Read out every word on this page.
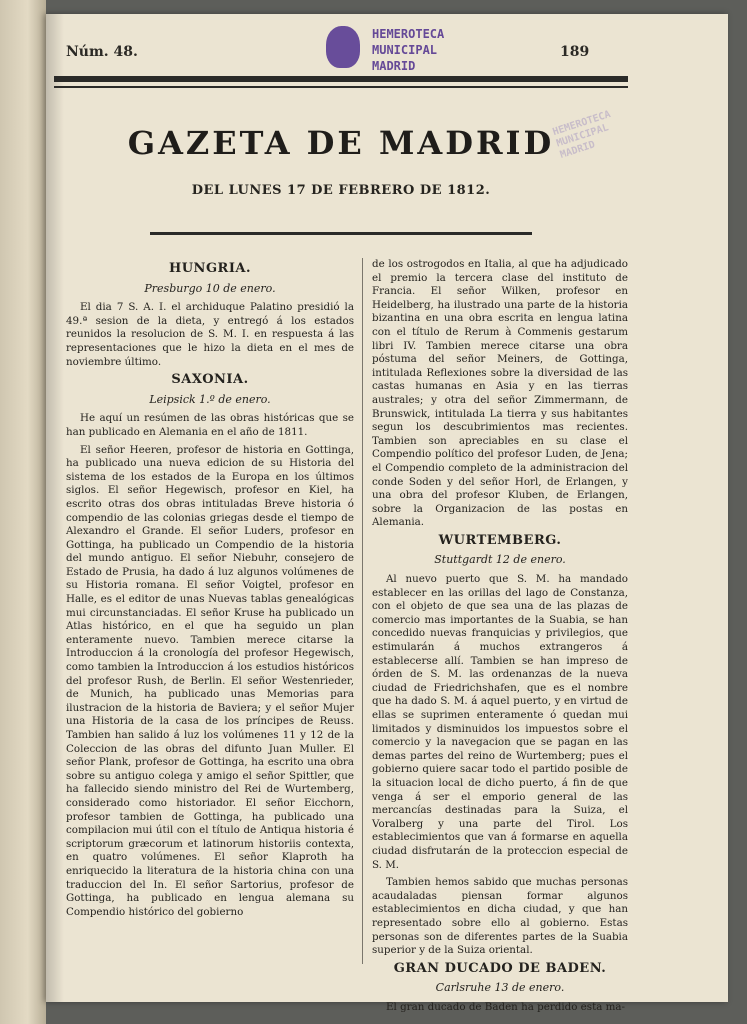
Núm. 48.	189
HEMEROTECA
MUNICIPAL
MADRID
HEMEROTECA MUNICIPAL MADRID
GAZETA DE MADRID
DEL LUNES 17 DE FEBRERO DE 1812.
HUNGRIA.
Presburgo 10 de enero.

El dia 7 S. A. I. el archiduque Palatino presidió la 49.ª sesion de la dieta, y entregó á los estados reunidos la resolucion de S. M. I. en respuesta á las representaciones que le hizo la dieta en el mes de noviembre último.

SAXONIA.
Leipsick 1.º de enero.

He aquí un resúmen de las obras históricas que se han publicado en Alemania en el año de 1811.

El señor Heeren, profesor de historia en Gottinga, ha publicado una nueva edicion de su Historia del sistema de los estados de la Europa en los últimos siglos. El señor Hegewisch, profesor en Kiel, ha escrito otras dos obras intituladas Breve historia ó compendio de las colonias griegas desde el tiempo de Alexandro el Grande. El señor Luders, profesor en Gottinga, ha publicado un Compendio de la historia del mundo antiguo. El señor Niebuhr, consejero de Estado de Prusia, ha dado á luz algunos volúmenes de su Historia romana. El señor Voigtel, profesor en Halle, es el editor de unas Nuevas tablas genealógicas mui circunstanciadas. El señor Kruse ha publicado un Atlas histórico, en el que ha seguido un plan enteramente nuevo. Tambien merece citarse la Introduccion á la cronología del profesor Hegewisch, como tambien la Introduccion á los estudios históricos del profesor Rush, de Berlin. El señor Westenrieder, de Munich, ha publicado unas Memorias para ilustracion de la historia de Baviera; y el señor Mujer una Historia de la casa de los príncipes de Reuss. Tambien han salido á luz los volúmenes 11 y 12 de la Coleccion de las obras del difunto Juan Muller. El señor Plank, profesor de Gottinga, ha escrito una obra sobre su antiguo colega y amigo el señor Spittler, que ha fallecido siendo ministro del Rei de Wurtemberg, considerado como historiador. El señor Eicchorn, profesor tambien de Gottinga, ha publicado una compilacion mui útil con el título de Antiqua historia é scriptorum græcorum et latinorum historiis contexta, en quatro volúmenes. El señor Klaproth ha enriquecido la literatura de la historia china con una traduccion del In. El señor Sartorius, profesor de Gottinga, ha publicado en lengua alemana su Compendio histórico del gobierno

de los ostrogodos en Italia, al que ha adjudicado el premio la tercera clase del instituto de Francia. El señor Wilken, profesor en Heidelberg, ha ilustrado una parte de la historia bizantina en una obra escrita en lengua latina con el título de Rerum à Commenis gestarum libri IV. Tambien merece citarse una obra póstuma del señor Meiners, de Gottinga, intitulada Reflexiones sobre la diversidad de las castas humanas en Asia y en las tierras australes; y otra del señor Zimmermann, de Brunswick, intitulada La tierra y sus habitantes segun los descubrimientos mas recientes. Tambien son apreciables en su clase el Compendio político del profesor Luden, de Jena; el Compendio completo de la administracion del conde Soden y del señor Horl, de Erlangen, y una obra del profesor Kluben, de Erlangen, sobre la Organizacion de las postas en Alemania.

WURTEMBERG.
Stuttgardt 12 de enero.

Al nuevo puerto que S. M. ha mandado establecer en las orillas del lago de Constanza, con el objeto de que sea una de las plazas de comercio mas importantes de la Suabia, se han concedido nuevas franquicias y privilegios, que estimularán á muchos extrangeros á establecerse allí. Tambien se han impreso de órden de S. M. las ordenanzas de la nueva ciudad de Friedrichshafen, que es el nombre que ha dado S. M. á aquel puerto, y en virtud de ellas se suprimen enteramente ó quedan mui limitados y disminuidos los impuestos sobre el comercio y la navegacion que se pagan en las demas partes del reino de Wurtemberg; pues el gobierno quiere sacar todo el partido posible de la situacion local de dicho puerto, á fin de que venga á ser el emporio general de las mercancías destinadas para la Suiza, el Voralberg y una parte del Tirol. Los establecimientos que van á formarse en aquella ciudad disfrutarán de la proteccion especial de S. M.

Tambien hemos sabido que muchas personas acaudaladas piensan formar algunos establecimientos en dicha ciudad, y que han representado sobre ello al gobierno. Estas personas son de diferentes partes de la Suabia superior y de la Suiza oriental.

GRAN DUCADO DE BADEN.
Carlsruhe 13 de enero.

El gran ducado de Baden ha perdido esta ma-
